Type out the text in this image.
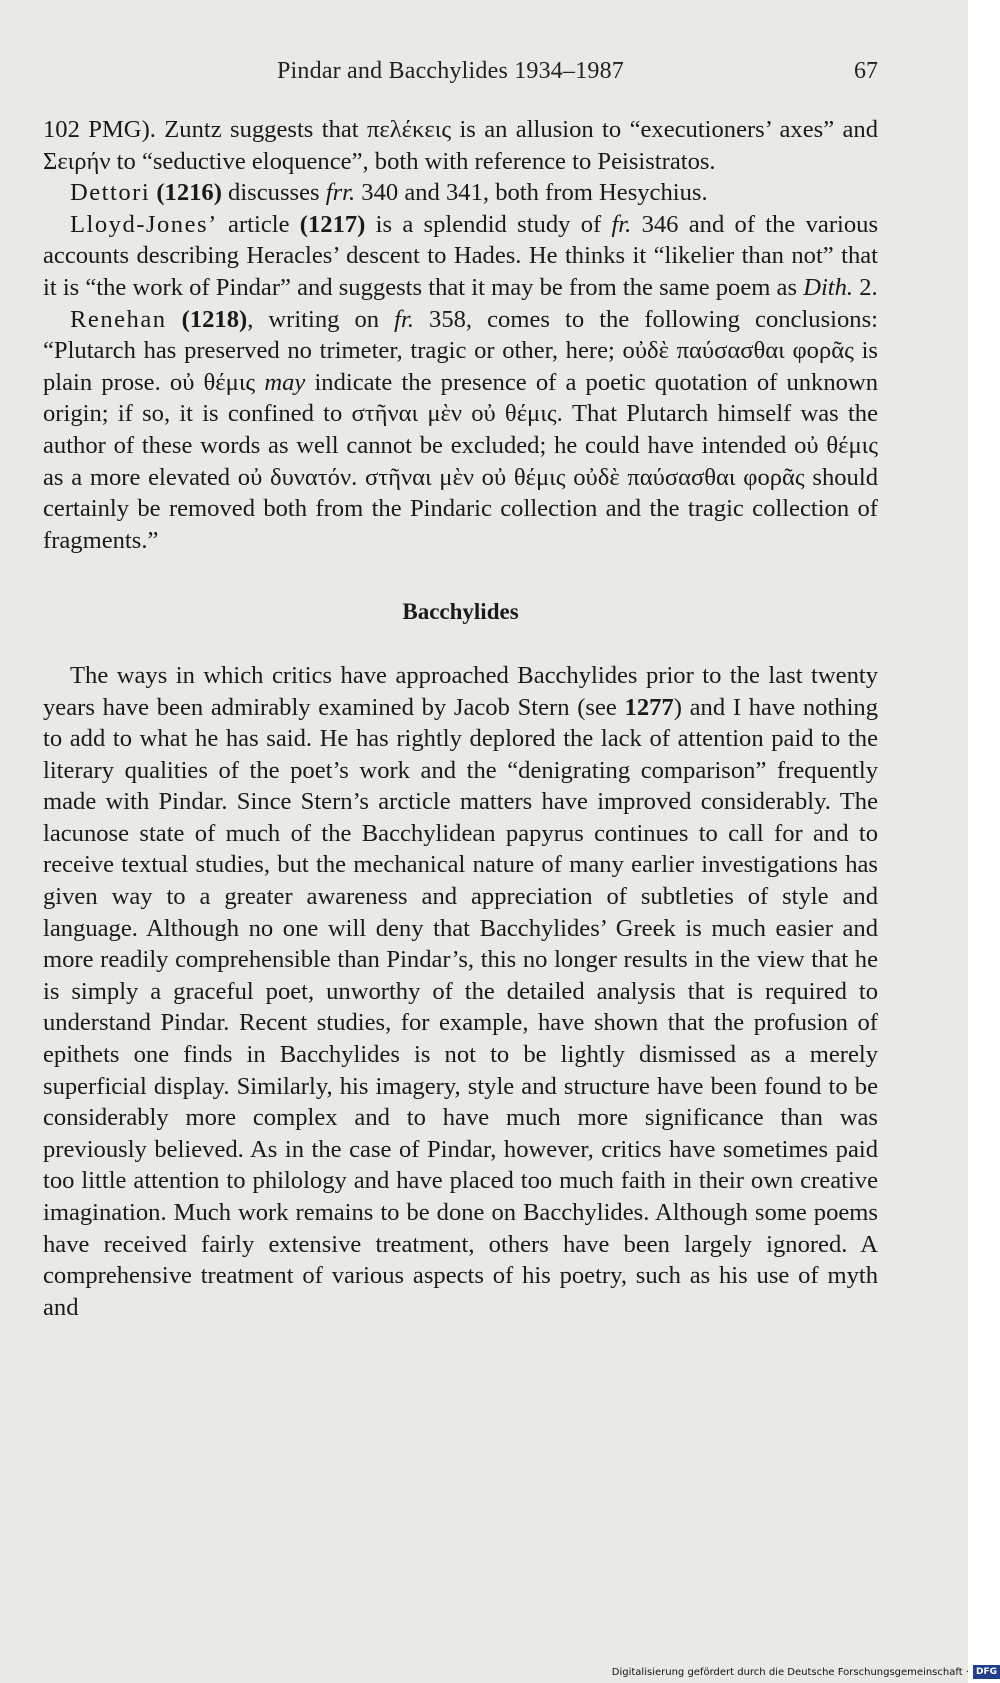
Pindar and Bacchylides 1934–1987	67

102 PMG). Zuntz suggests that πελέκεις is an allusion to “executioners’ axes” and Σειρήν to “seductive eloquence”, both with reference to Peisistratos.

Dettori (1216) discusses frr. 340 and 341, both from Hesychius.

Lloyd-Jones’ article (1217) is a splendid study of fr. 346 and of the various accounts describing Heracles’ descent to Hades. He thinks it “likelier than not” that it is “the work of Pindar” and suggests that it may be from the same poem as Dith. 2.

Renehan (1218), writing on fr. 358, comes to the following conclusions: “Plutarch has preserved no trimeter, tragic or other, here; οὐδὲ παύσασθαι φορᾶς is plain prose. οὐ θέμις may indicate the presence of a poetic quotation of unknown origin; if so, it is confined to στῆναι μὲν οὐ θέμις. That Plutarch himself was the author of these words as well cannot be excluded; he could have intended οὐ θέμις as a more elevated οὐ δυνατόν. στῆναι μὲν οὐ θέμις οὐδὲ παύσασθαι φορᾶς should certainly be removed both from the Pindaric collection and the tragic collection of fragments.”

Bacchylides

The ways in which critics have approached Bacchylides prior to the last twenty years have been admirably examined by Jacob Stern (see 1277) and I have nothing to add to what he has said. He has rightly deplored the lack of attention paid to the literary qualities of the poet’s work and the “denigrating comparison” frequently made with Pindar. Since Stern’s arcticle matters have improved considerably. The lacunose state of much of the Bacchylidean papyrus continues to call for and to receive textual studies, but the mechanical nature of many earlier investigations has given way to a greater awareness and appreciation of subtleties of style and language. Although no one will deny that Bacchylides’ Greek is much easier and more readily comprehensible than Pindar’s, this no longer results in the view that he is simply a graceful poet, unworthy of the detailed analysis that is required to understand Pindar. Recent studies, for example, have shown that the profusion of epithets one finds in Bacchylides is not to be lightly dismissed as a merely superficial display. Similarly, his imagery, style and structure have been found to be considerably more complex and to have much more significance than was previously believed. As in the case of Pindar, however, critics have sometimes paid too little attention to philology and have placed too much faith in their own creative imagination. Much work remains to be done on Bacchylides. Although some poems have received fairly extensive treatment, others have been largely ignored. A comprehensive treatment of various aspects of his poetry, such as his use of myth and

Digitalisierung gefördert durch die Deutsche Forschungsgemeinschaft · DFG
